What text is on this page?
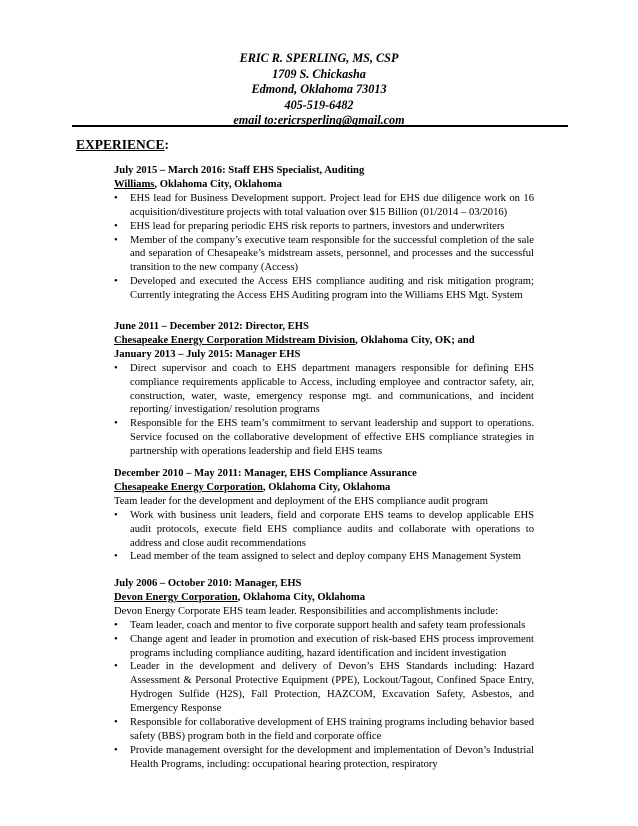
ERIC R. SPERLING, MS, CSP
1709 S. Chickasha
Edmond, Oklahoma 73013
405-519-6482
email to:ericrsperling@gmail.com
EXPERIENCE:
July 2015 – March 2016: Staff EHS Specialist, Auditing
Williams, Oklahoma City, Oklahoma
• EHS lead for Business Development support. Project lead for EHS due diligence work on 16 acquisition/divestiture projects with total valuation over $15 Billion (01/2014 – 03/2016)
• EHS lead for preparing periodic EHS risk reports to partners, investors and underwriters
• Member of the company’s executive team responsible for the successful completion of the sale and separation of Chesapeake’s midstream assets, personnel, and processes and the successful transition to the new company (Access)
• Developed and executed the Access EHS compliance auditing and risk mitigation program; Currently integrating the Access EHS Auditing program into the Williams EHS Mgt. System
June 2011 – December 2012: Director, EHS
Chesapeake Energy Corporation Midstream Division, Oklahoma City, OK; and
January 2013 – July 2015: Manager EHS
• Direct supervisor and coach to EHS department managers responsible for defining EHS compliance requirements applicable to Access, including employee and contractor safety, air, construction, water, waste, emergency response mgt. and communications, and incident reporting/ investigation/ resolution programs
• Responsible for the EHS team’s commitment to servant leadership and support to operations. Service focused on the collaborative development of effective EHS compliance strategies in partnership with operations leadership and field EHS teams
December 2010 – May 2011: Manager, EHS Compliance Assurance
Chesapeake Energy Corporation, Oklahoma City, Oklahoma
Team leader for the development and deployment of the EHS compliance audit program
• Work with business unit leaders, field and corporate EHS teams to develop applicable EHS audit protocols, execute field EHS compliance audits and collaborate with operations to address and close audit recommendations
• Lead member of the team assigned to select and deploy company EHS Management System
July 2006 – October 2010: Manager, EHS
Devon Energy Corporation, Oklahoma City, Oklahoma
Devon Energy Corporate EHS team leader. Responsibilities and accomplishments include:
• Team leader, coach and mentor to five corporate support health and safety team professionals
• Change agent and leader in promotion and execution of risk-based EHS process improvement programs including compliance auditing, hazard identification and incident investigation
• Leader in the development and delivery of Devon’s EHS Standards including: Hazard Assessment & Personal Protective Equipment (PPE), Lockout/Tagout, Confined Space Entry, Hydrogen Sulfide (H2S), Fall Protection, HAZCOM, Excavation Safety, Asbestos, and Emergency Response
• Responsible for collaborative development of EHS training programs including behavior based safety (BBS) program both in the field and corporate office
• Provide management oversight for the development and implementation of Devon’s Industrial Health Programs, including: occupational hearing protection, respiratory
